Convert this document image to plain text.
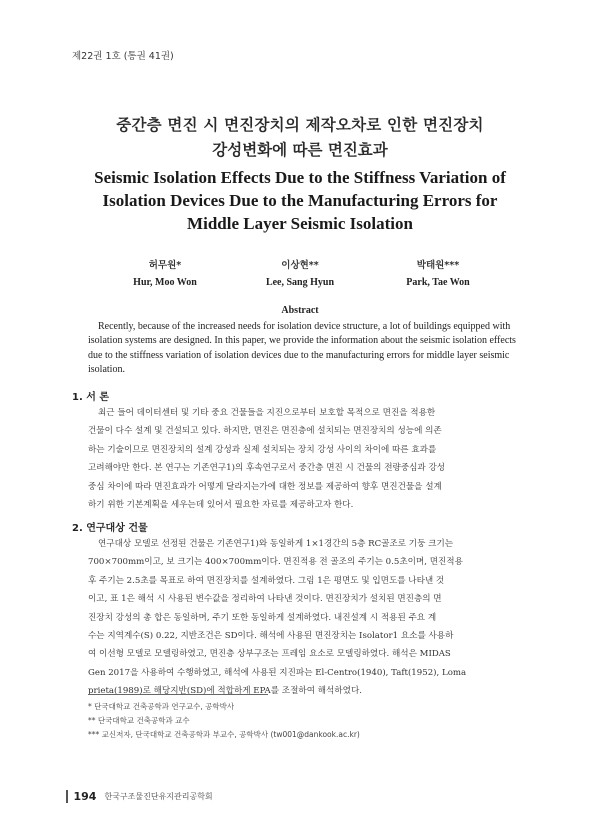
제22권 1호 (통권 41권)
중간층 면진 시 면진장치의 제작오차로 인한 면진장치
강성변화에 따른 면진효과
Seismic Isolation Effects Due to the Stiffness Variation of
Isolation Devices Due to the Manufacturing Errors for
Middle Layer Seismic Isolation
허무원*
Hur, Moo Won
이상현**
Lee, Sang Hyun
박태원***
Park, Tae Won
Abstract
Recently, because of the increased needs for isolation device structure, a lot of buildings equipped with
isolation systems are designed. In this paper, we provide the information about the seismic isolation effects
due to the stiffness variation of isolation devices due to the manufacturing errors for middle layer seismic
isolation.
1. 서 론
최근 들어 데이터센터 및 기타 중요 건물들을 지진으로부터 보호할 목적으로 면진을 적용한
건물이 다수 설계 및 건설되고 있다. 하지만, 면진은 면진층에 설치되는 면진장치의 성능에 의존
하는 기술이므로 면진장치의 설계 강성과 실제 설치되는 장치 강성 사이의 차이에 따른 효과를
고려해야만 한다. 본 연구는 기존연구1)의 후속연구로서 중간층 면진 시 건물의 전량중심과 강성
중심 차이에 따라 면진효과가 어떻게 달라지는가에 대한 정보를 제공하여 향후 면진건물을 설계
하기 위한 기본계획을 세우는데 있어서 필요한 자료를 제공하고자 한다.
2. 연구대상 건물
연구대상 모델로 선정된 건물은 기존연구1)와 동일하게 1×1경간의 5층 RC골조로 기둥 크기는
700×700mm이고, 보 크기는 400×700mm이다. 면진적용 전 골조의 주기는 0.5초이며, 면진적용
후 주기는 2.5초를 목표로 하여 면진장치를 설계하였다. 그림 1은 평면도 및 입면도를 나타낸 것
이고, 표 1은 해석 시 사용된 변수값을 정리하여 나타낸 것이다. 면진장치가 설치된 면진층의 면
진장치 강성의 총 합은 동일하며, 주기 또한 동일하게 설계하였다. 내진설계 시 적용된 주요 계
수는 지역계수(S) 0.22, 지반조건은 SD이다. 해석에 사용된 면진장치는 Isolator1 요소를 사용하
여 이선형 모델로 모델링하였고, 면진층 상부구조는 프레임 요소로 모델링하였다. 해석은 MIDAS
Gen 2017을 사용하여 수행하였고, 해석에 사용된 지진파는 El-Centro(1940), Taft(1952), Loma
prieta(1989)로 해당지반(SD)에 적합하게 EPA를 조절하여 해석하였다.
* 단국대학교 건축공학과 연구교수, 공학박사
** 단국대학교 건축공학과 교수
*** 교신저자, 단국대학교 건축공학과 부교수, 공학박사 (tw001@dankook.ac.kr)
194 한국구조물진단유지관리공학회
